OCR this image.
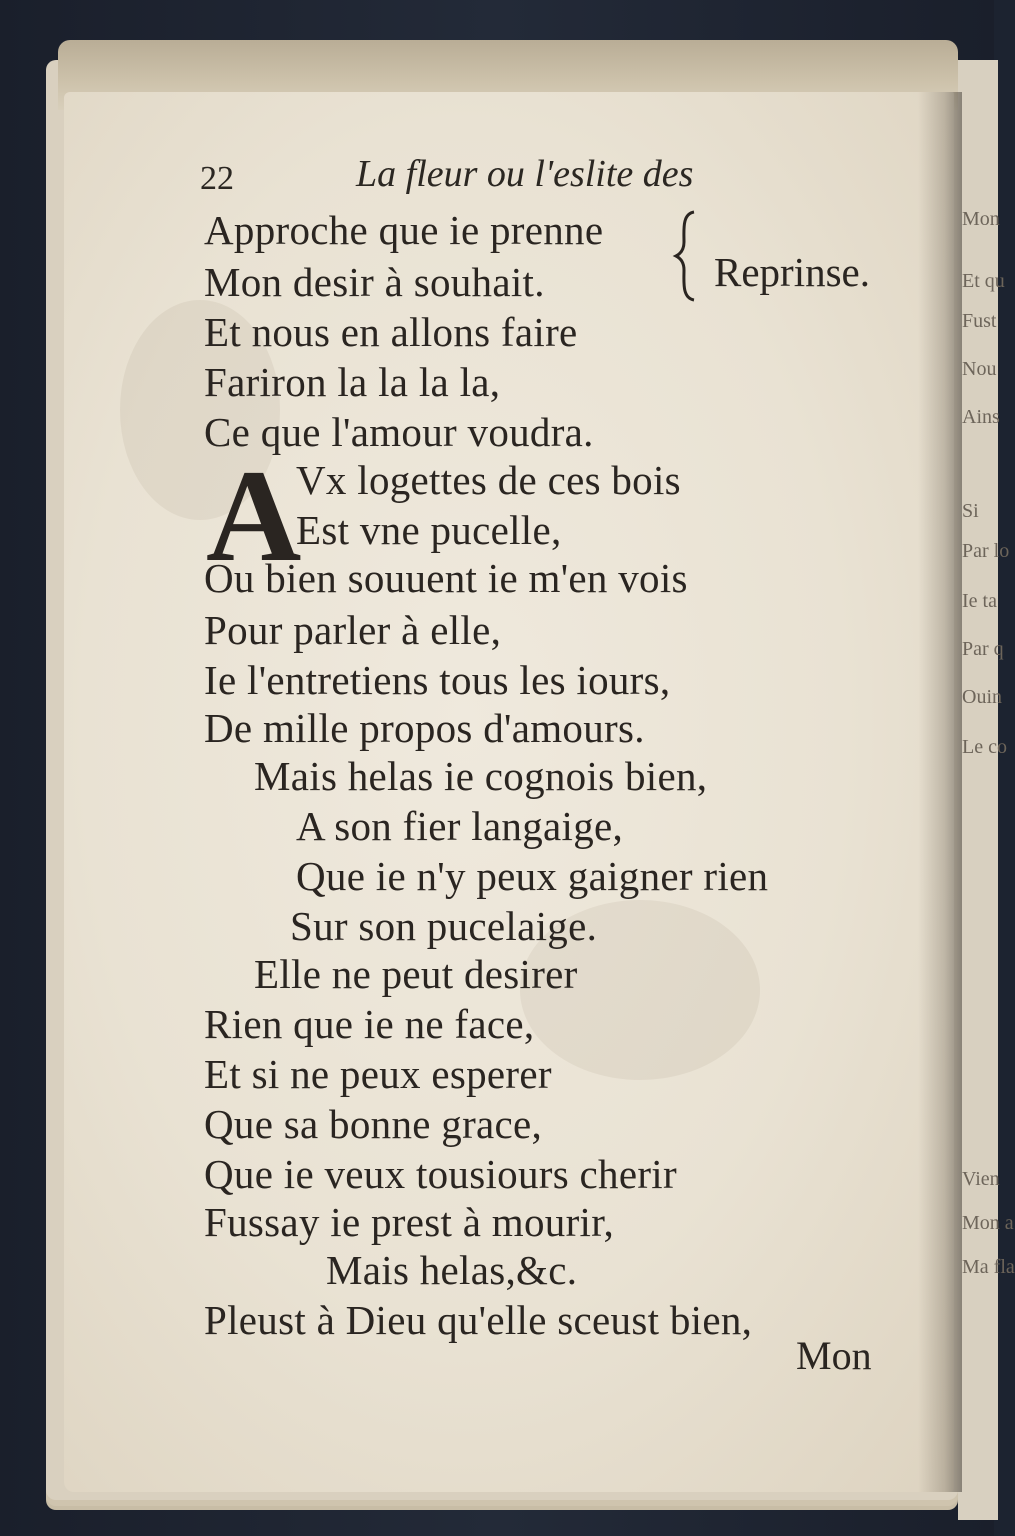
Mon
Et qu
Fust
Nou
Ains
Si
Par lo
Ie ta
Par q
Ouin
Le co
Vien
Mon a
Ma fla
22	La fleur ou l'eslite des
Approche que ie prenne
Mon desir à souhait.
Et nous en allons faire
Fariron la la la la,
Ce que l'amour voudra.
Reprinse.
A
Vx logettes de ces bois
Est vne pucelle,
Ou bien souuent ie m'en vois
Pour parler à elle,
Ie l'entretiens tous les iours,
De mille propos d'amours.
Mais helas ie cognois bien,
A son fier langaige,
Que ie n'y peux gaigner rien
Sur son pucelaige.
Elle ne peut desirer
Rien que ie ne face,
Et si ne peux esperer
Que sa bonne grace,
Que ie veux tousiours cherir
Fussay ie prest à mourir,
Mais helas,&c.
Pleust à Dieu qu'elle sceust bien,
Mon
